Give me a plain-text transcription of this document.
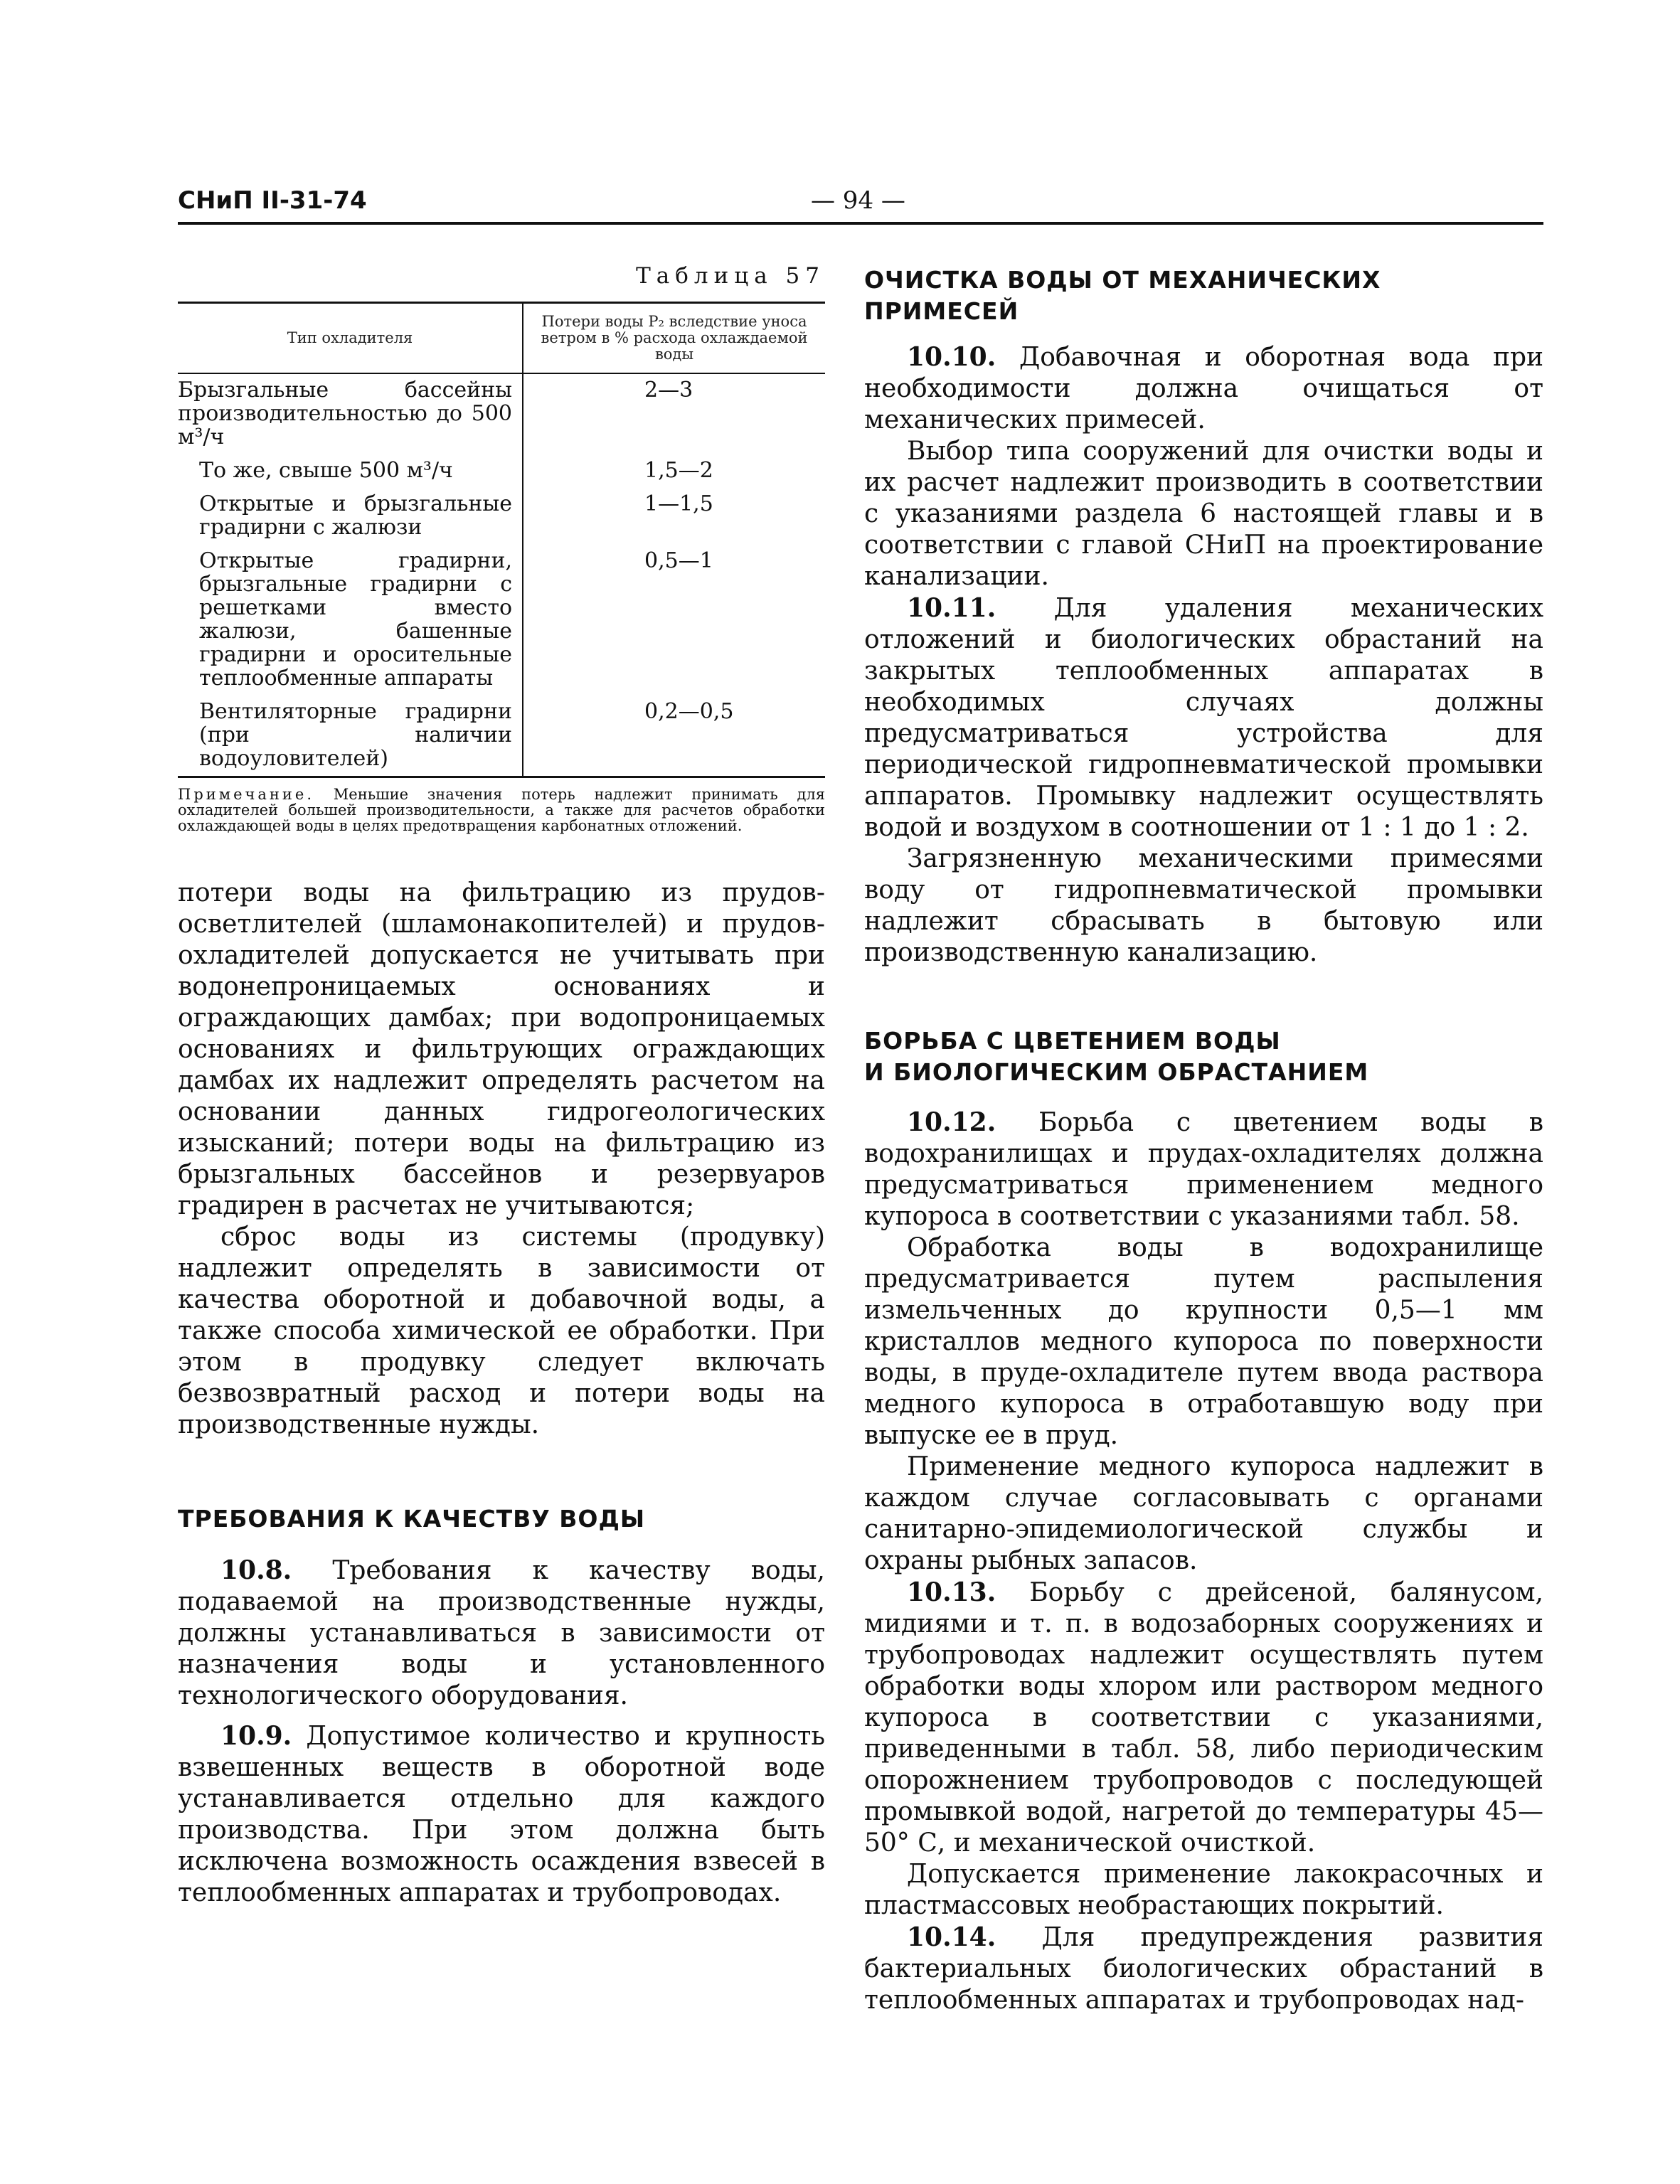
СНиП II-31-74	— 94 —
Таблица 57
Тип охладителя	Потери воды P₂ вследствие уноса ветром в % расхода охлаждаемой воды
Брызгальные бассейны производительностью до 500 м³/ч	2—3
То же, свыше 500 м³/ч	1,5—2
Открытые и брызгальные градирни с жалюзи	1—1,5
Открытые градирни, брызгальные градирни с решетками вместо жалюзи, башенные градирни и оросительные теплообменные аппараты	0,5—1
Вентиляторные градирни (при наличии водоуловителей)	0,2—0,5
Примечание. Меньшие значения потерь надлежит принимать для охладителей большей производительности, а также для расчетов обработки охлаждающей воды в целях предотвращения карбонатных отложений.

потери воды на фильтрацию из прудов-осветлителей (шламонакопителей) и прудов-охладителей допускается не учитывать при водонепроницаемых основаниях и ограждающих дамбах; при водопроницаемых основаниях и фильтрующих ограждающих дамбах их надлежит определять расчетом на основании данных гидрогеологических изысканий; потери воды на фильтрацию из брызгальных бассейнов и резервуаров градирен в расчетах не учитываются;

сброс воды из системы (продувку) надлежит определять в зависимости от качества оборотной и добавочной воды, а также способа химической ее обработки. При этом в продувку следует включать безвозвратный расход и потери воды на производственные нужды.

ТРЕБОВАНИЯ К КАЧЕСТВУ ВОДЫ

10.8. Требования к качеству воды, подаваемой на производственные нужды, должны устанавливаться в зависимости от назначения воды и установленного технологического оборудования.

10.9. Допустимое количество и крупность взвешенных веществ в оборотной воде устанавливается отдельно для каждого производства. При этом должна быть исключена возможность осаждения взвесей в теплообменных аппаратах и трубопроводах.

ОЧИСТКА ВОДЫ ОТ МЕХАНИЧЕСКИХ ПРИМЕСЕЙ

10.10. Добавочная и оборотная вода при необходимости должна очищаться от механических примесей.

Выбор типа сооружений для очистки воды и их расчет надлежит производить в соответствии с указаниями раздела 6 настоящей главы и в соответствии с главой СНиП на проектирование канализации.

10.11. Для удаления механических отложений и биологических обрастаний на закрытых теплообменных аппаратах в необходимых случаях должны предусматриваться устройства для периодической гидропневматической промывки аппаратов. Промывку надлежит осуществлять водой и воздухом в соотношении от 1 : 1 до 1 : 2.

Загрязненную механическими примесями воду от гидропневматической промывки надлежит сбрасывать в бытовую или производственную канализацию.

БОРЬБА С ЦВЕТЕНИЕМ ВОДЫ
И БИОЛОГИЧЕСКИМ ОБРАСТАНИЕМ

10.12. Борьба с цветением воды в водохранилищах и прудах-охладителях должна предусматриваться применением медного купороса в соответствии с указаниями табл. 58.

Обработка воды в водохранилище предусматривается путем распыления измельченных до крупности 0,5—1 мм кристаллов медного купороса по поверхности воды, в пруде-охладителе путем ввода раствора медного купороса в отработавшую воду при выпуске ее в пруд.

Применение медного купороса надлежит в каждом случае согласовывать с органами санитарно-эпидемиологической службы и охраны рыбных запасов.

10.13. Борьбу с дрейсеной, балянусом, мидиями и т. п. в водозаборных сооружениях и трубопроводах надлежит осуществлять путем обработки воды хлором или раствором медного купороса в соответствии с указаниями, приведенными в табл. 58, либо периодическим опорожнением трубопроводов с последующей промывкой водой, нагретой до температуры 45—50° С, и механической очисткой.

Допускается применение лакокрасочных и пластмассовых необрастающих покрытий.

10.14. Для предупреждения развития бактериальных биологических обрастаний в теплообменных аппаратах и трубопроводах над-
